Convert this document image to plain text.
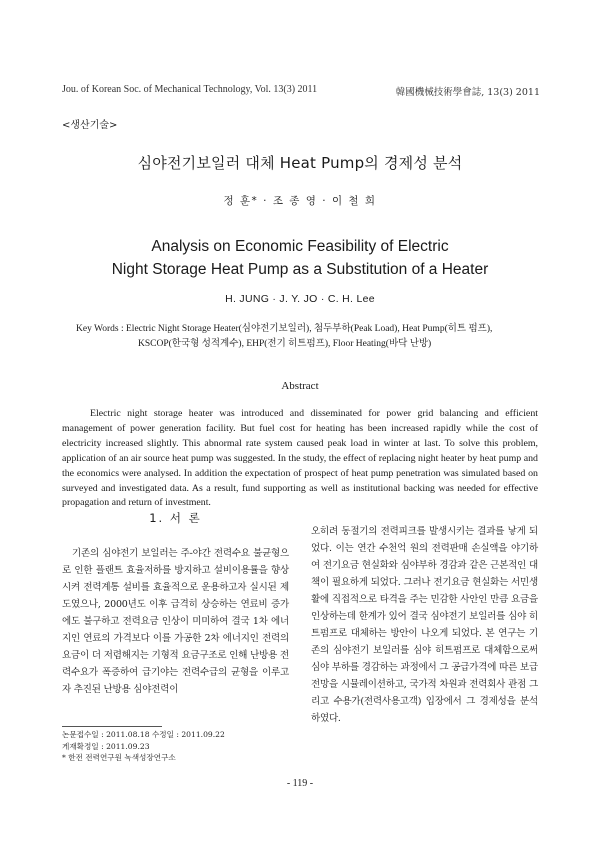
Jou. of Korean Soc. of Mechanical Technology, Vol. 13(3) 2011	韓國機械技術學會誌, 13(3) 2011
<생산기술>
심야전기보일러 대체 Heat Pump의 경제성 분석
정 훈* · 조 종 영 · 이 철 희
Analysis on Economic Feasibility of Electric
Night Storage Heat Pump as a Substitution of a Heater
H. JUNG · J. Y. JO · C. H. Lee
Key Words : Electric Night Storage Heater(심야전기보일러), 첨두부하(Peak Load), Heat Pump(히트 펌프),
KSCOP(한국형 성적계수), EHP(전기 히트펌프), Floor Heating(바닥 난방)
Abstract
Electric night storage heater was introduced and disseminated for power grid balancing and efficient management of power generation facility. But fuel cost for heating has been increased rapidly while the cost of electricity increased slightly. This abnormal rate system caused peak load in winter at last. To solve this problem, application of an air source heat pump was suggested. In the study, the effect of replacing night heater by heat pump and the economics were analysed. In addition the expectation of prospect of heat pump penetration was simulated based on surveyed and investigated data. As a result, fund supporting as well as institutional backing was needed for effective propagation and return of investment.
1. 서 론

기존의 심야전기 보일러는 주-야간 전력수요 불균형으로 인한 플랜트 효율저하를 방지하고 설비이용률을 향상시켜 전력계통 설비를 효율적으로 운용하고자 실시된 제도였으나, 2000년도 이후 급격히 상승하는 연료비 증가에도 불구하고 전력요금 인상이 미미하여 결국 1차 에너지인 연료의 가격보다 이를 가공한 2차 에너지인 전력의 요금이 더 저렴해지는 기형적 요금구조로 인해 난방용 전력수요가 폭증하여 급기야는 전력수급의 균형을 이루고자 추진된 난방용 심야전력이

오히려 동절기의 전력피크를 발생시키는 결과를 낳게 되었다. 이는 연간 수천억 원의 전력판매 손실액을 야기하여 전기요금 현실화와 심야부하 경감과 같은 근본적인 대책이 필요하게 되었다. 그러나 전기요금 현실화는 서민생활에 직접적으로 타격을 주는 민감한 사안인 만큼 요금을 인상하는데 한계가 있어 결국 심야전기 보일러를 심야 히트펌프로 대체하는 방안이 나오게 되었다. 본 연구는 기존의 심야전기 보일러를 심야 히트펌프로 대체함으로써 심야 부하를 경감하는 과정에서 그 공급가격에 따른 보급 전망을 시뮬레이션하고, 국가적 차원과 전력회사 관점 그리고 수용가(전력사용고객) 입장에서 그 경제성을 분석하였다.

논문접수일 : 2011.08.18 수정일 : 2011.09.22
게재확정일 : 2011.09.23
* 한전 전력연구원 녹색성장연구소
- 119 -
